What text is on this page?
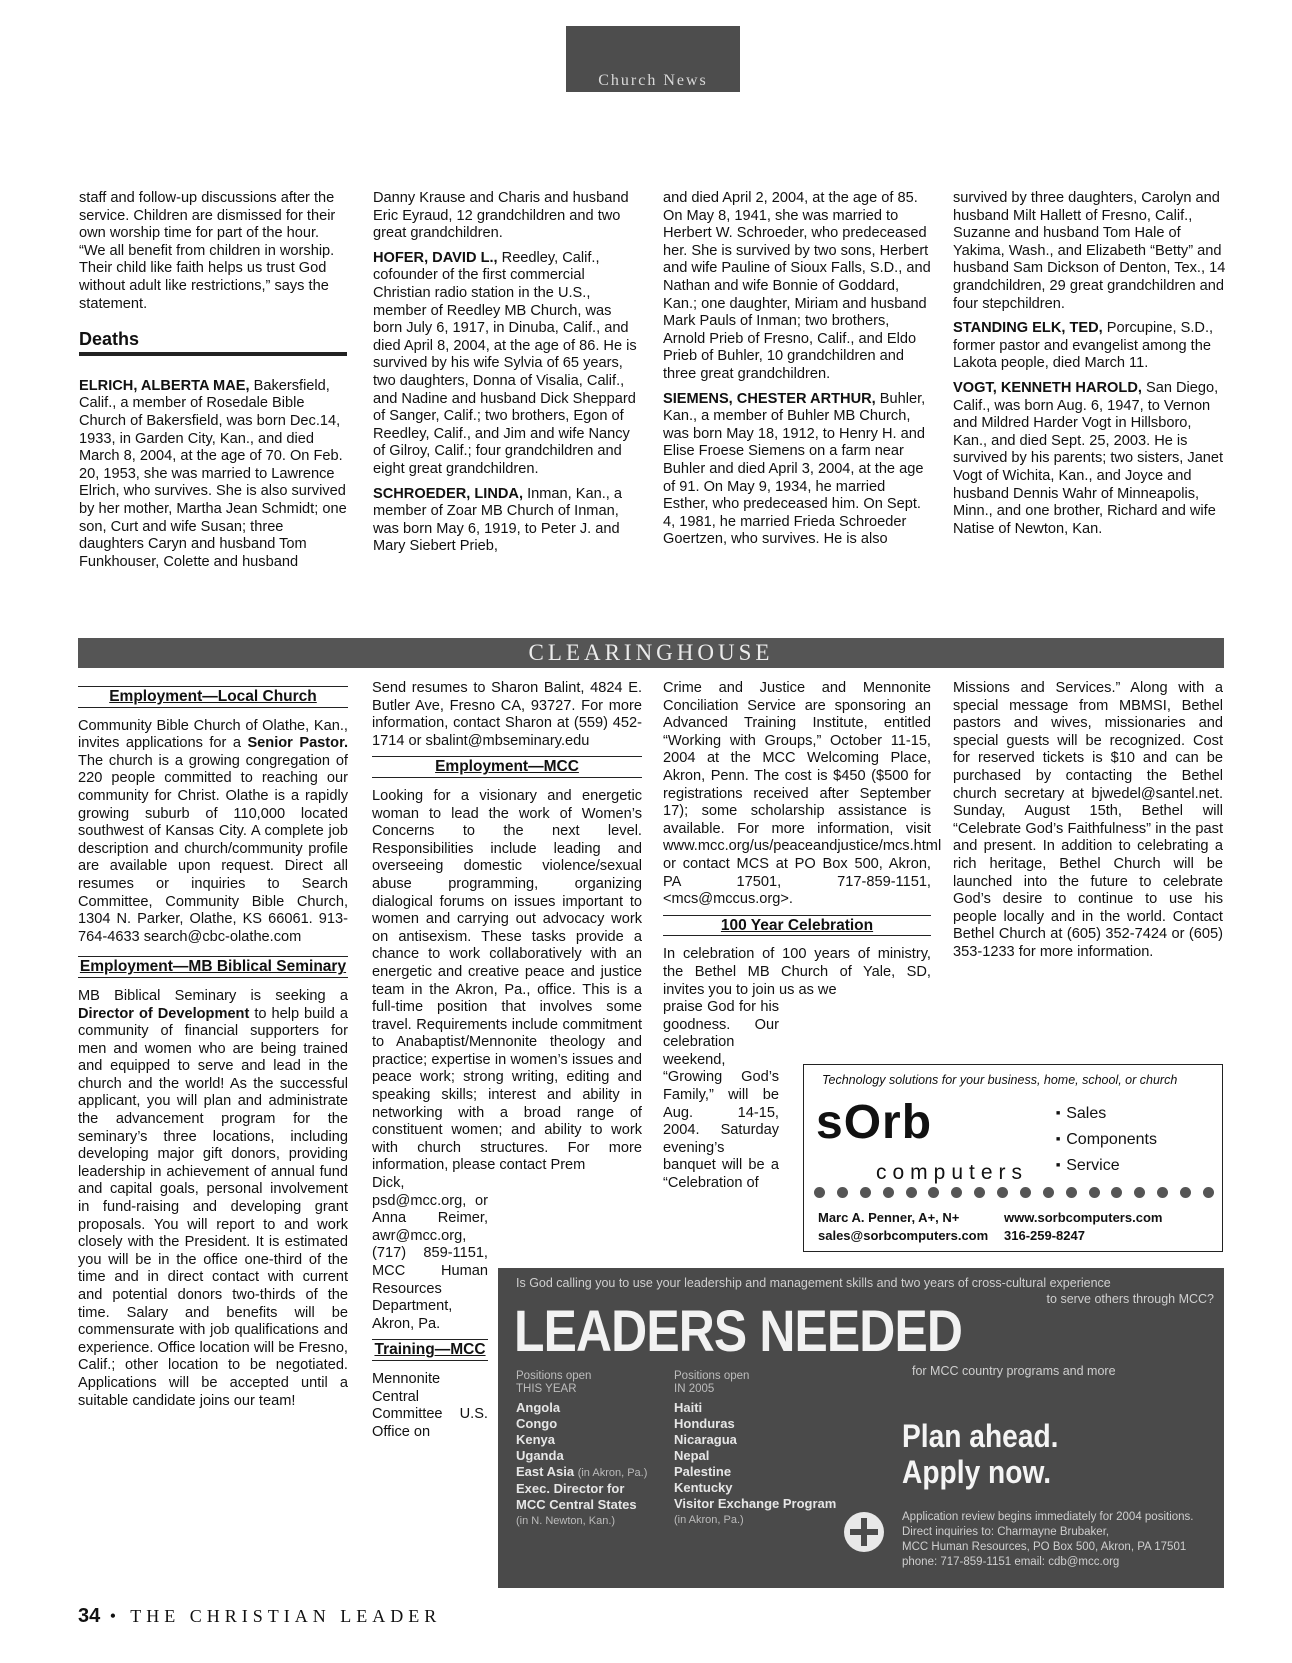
Church News

staff and follow-up discussions after the service. Children are dismissed for their own worship time for part of the hour. “We all benefit from children in worship. Their child like faith helps us trust God without adult like restrictions,” says the statement.

Deaths

ELRICH, ALBERTA MAE, Bakersfield, Calif., a member of Rosedale Bible Church of Bakersfield, was born Dec.14, 1933, in Garden City, Kan., and died March 8, 2004, at the age of 70. On Feb. 20, 1953, she was married to Lawrence Elrich, who survives. She is also survived by her mother, Martha Jean Schmidt; one son, Curt and wife Susan; three daughters Caryn and husband Tom Funkhouser, Colette and husband

Danny Krause and Charis and husband Eric Eyraud, 12 grandchildren and two great grandchildren.

HOFER, DAVID L., Reedley, Calif., cofounder of the first commercial Christian radio station in the U.S., member of Reedley MB Church, was born July 6, 1917, in Dinuba, Calif., and died April 8, 2004, at the age of 86. He is survived by his wife Sylvia of 65 years, two daughters, Donna of Visalia, Calif., and Nadine and husband Dick Sheppard of Sanger, Calif.; two brothers, Egon of Reedley, Calif., and Jim and wife Nancy of Gilroy, Calif.; four grandchildren and eight great grandchildren.

SCHROEDER, LINDA, Inman, Kan., a member of Zoar MB Church of Inman, was born May 6, 1919, to Peter J. and Mary Siebert Prieb,

and died April 2, 2004, at the age of 85. On May 8, 1941, she was married to Herbert W. Schroeder, who predeceased her. She is survived by two sons, Herbert and wife Pauline of Sioux Falls, S.D., and Nathan and wife Bonnie of Goddard, Kan.; one daughter, Miriam and husband Mark Pauls of Inman; two brothers, Arnold Prieb of Fresno, Calif., and Eldo Prieb of Buhler, 10 grandchildren and three great grandchildren.

SIEMENS, CHESTER ARTHUR, Buhler, Kan., a member of Buhler MB Church, was born May 18, 1912, to Henry H. and Elise Froese Siemens on a farm near Buhler and died April 3, 2004, at the age of 91. On May 9, 1934, he married Esther, who predeceased him. On Sept. 4, 1981, he married Frieda Schroeder Goertzen, who survives. He is also

survived by three daughters, Carolyn and husband Milt Hallett of Fresno, Calif., Suzanne and husband Tom Hale of Yakima, Wash., and Elizabeth “Betty” and husband Sam Dickson of Denton, Tex., 14 grandchildren, 29 great grandchildren and four stepchildren.

STANDING ELK, TED, Porcupine, S.D., former pastor and evangelist among the Lakota people, died March 11.

VOGT, KENNETH HAROLD, San Diego, Calif., was born Aug. 6, 1947, to Vernon and Mildred Harder Vogt in Hillsboro, Kan., and died Sept. 25, 2003. He is survived by his parents; two sisters, Janet Vogt of Wichita, Kan., and Joyce and husband Dennis Wahr of Minneapolis, Minn., and one brother, Richard and wife Natise of Newton, Kan.

CLEARINGHOUSE
Employment—Local Church

Community Bible Church of Olathe, Kan., invites applications for a Senior Pastor. The church is a growing congregation of 220 people committed to reaching our community for Christ. Olathe is a rapidly growing suburb of 110,000 located southwest of Kansas City. A complete job description and church/community profile are available upon request. Direct all resumes or inquiries to Search Committee, Community Bible Church, 1304 N. Parker, Olathe, KS 66061. 913-764-4633 search@cbc-olathe.com

Employment—MB Biblical Seminary

MB Biblical Seminary is seeking a Director of Development to help build a community of financial supporters for men and women who are being trained and equipped to serve and lead in the church and the world! As the successful applicant, you will plan and administrate the advancement program for the seminary’s three locations, including developing major gift donors, providing leadership in achievement of annual fund and capital goals, personal involvement in fund-raising and developing grant proposals. You will report to and work closely with the President. It is estimated you will be in the office one-third of the time and in direct contact with current and potential donors two-thirds of the time. Salary and benefits will be commensurate with job qualifications and experience. Office location will be Fresno, Calif.; other location to be negotiated. Applications will be accepted until a suitable candidate joins our team!

Send resumes to Sharon Balint, 4824 E. Butler Ave, Fresno CA, 93727. For more information, contact Sharon at (559) 452-1714 or sbalint@mbseminary.edu

Employment—MCC

Looking for a visionary and energetic woman to lead the work of Women’s Concerns to the next level. Responsibilities include leading and overseeing domestic violence/sexual abuse programming, organizing dialogical forums on issues important to women and carrying out advocacy work on antisexism. These tasks provide a chance to work collaboratively with an energetic and creative peace and justice team in the Akron, Pa., office. This is a full-time position that involves some travel. Requirements include commitment to Anabaptist/Mennonite theology and practice; expertise in women’s issues and peace work; strong writing, editing and speaking skills; interest and ability in networking with a broad range of constituent women; and ability to work with church structures. For more information, please contact Prem

Dick, psd@mcc.org, or Anna Reimer, awr@mcc.org, (717) 859-1151, MCC Human Resources Department, Akron, Pa.

Training—MCC

Mennonite Central Committee U.S. Office on

Crime and Justice and Mennonite Conciliation Service are sponsoring an Advanced Training Institute, entitled “Working with Groups,” October 11-15, 2004 at the MCC Welcoming Place, Akron, Penn. The cost is $450 ($500 for registrations received after September 17); some scholarship assistance is available. For more information, visit www.mcc.org/us/peaceandjustice/mcs.html or contact MCS at PO Box 500, Akron, PA 17501, 717-859-1151, <mcs@mccus.org>.

100 Year Celebration

In celebration of 100 years of ministry, the Bethel MB Church of Yale, SD, invites you to join us as we

praise God for his goodness. Our celebration weekend, “Growing God’s Family,” will be Aug. 14-15, 2004. Saturday evening’s banquet will be a “Celebration of

Missions and Services.” Along with a special message from MBMSI, Bethel pastors and wives, missionaries and special guests will be recognized. Cost for reserved tickets is $10 and can be purchased by contacting the Bethel church secretary at bjwedel@santel.net. Sunday, August 15th, Bethel will “Celebrate God’s Faithfulness” in the past and present. In addition to celebrating a rich heritage, Bethel Church will be launched into the future to celebrate God’s desire to continue to use his people locally and in the world. Contact Bethel Church at (605) 352-7424 or (605) 353-1233 for more information.

Technology solutions for your business, home, school, or church
sOrb
computers
■ Sales
■ Components
■ Service
Marc A. Penner, A+, N+
sales@sorbcomputers.com
www.sorbcomputers.com
316-259-8247
Is God calling you to use your leadership and management skills and two years of cross-cultural experience
to serve others through MCC?
LEADERS NEEDED
for MCC country programs and more
Positions open
THIS YEAR
Angola
Congo
Kenya
Uganda
East Asia (in Akron, Pa.)
Exec. Director for
MCC Central States
(in N. Newton, Kan.)
Positions open
IN 2005
Haiti
Honduras
Nicaragua
Nepal
Palestine
Kentucky
Visitor Exchange Program
(in Akron, Pa.)
Plan ahead.
Apply now.
Application review begins immediately for 2004 positions.
Direct inquiries to: Charmayne Brubaker,
MCC Human Resources, PO Box 500, Akron, PA 17501
phone: 717-859-1151 email: cdb@mcc.org
34 • THE CHRISTIAN LEADER
